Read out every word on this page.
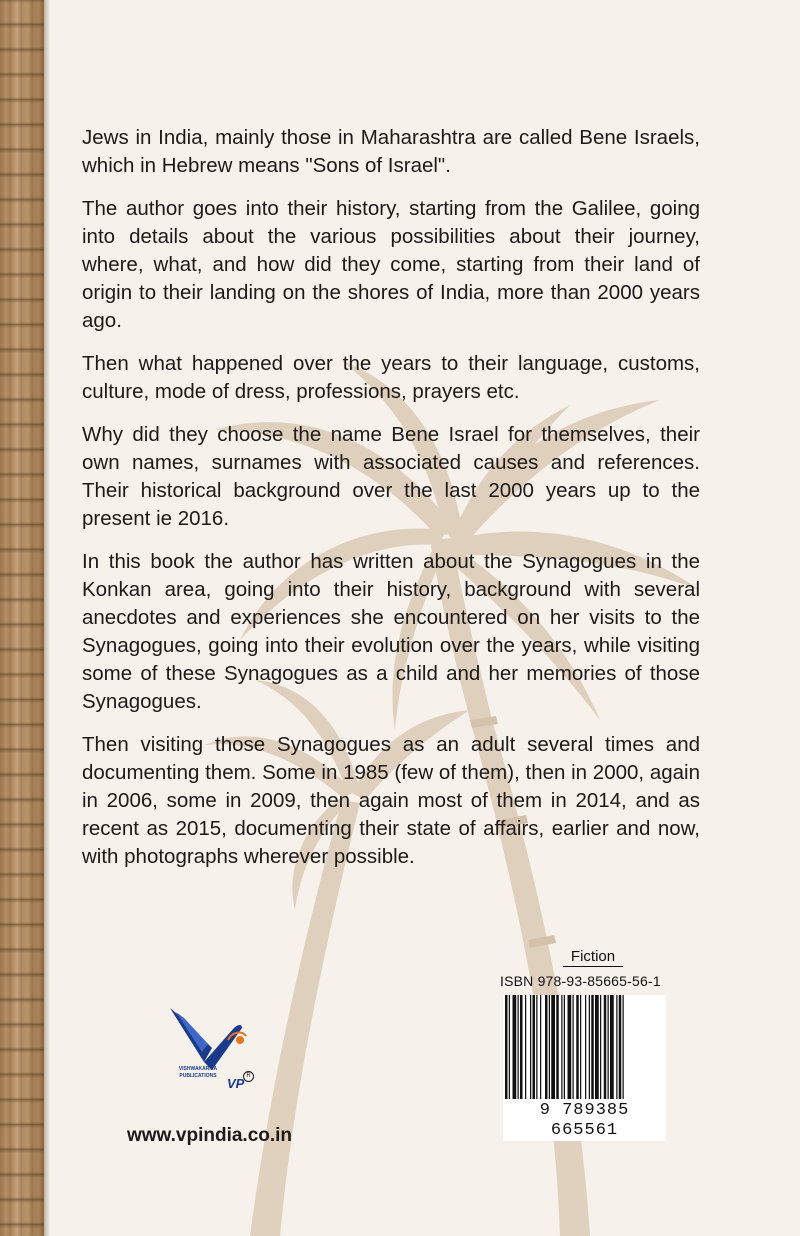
Jews in India, mainly those in Maharashtra are called Bene Israels, which in Hebrew means "Sons of Israel".

The author goes into their history, starting from the Galilee, going into details about the various possibilities about their journey, where, what, and how did they come, starting from their land of origin to their landing on the shores of India, more than 2000 years ago.

Then what happened over the years to their language, customs, culture, mode of dress, professions, prayers etc.

Why did they choose the name Bene Israel for themselves, their own names, surnames with associated causes and references. Their historical background over the last 2000 years up to the present ie 2016.

In this book the author has written about the Synagogues in the Konkan area, going into their history, background with several anecdotes and experiences she encountered on her visits to the Synagogues, going into their evolution over the years, while visiting some of these Synagogues as a child and her memories of those Synagogues.

Then visiting those Synagogues as an adult several times and documenting them. Some in 1985 (few of them), then in 2000, again in 2006, some in 2009, then again most of them in 2014, and as recent as 2015, documenting their state of affairs, earlier and now, with photographs wherever possible.

Fiction
ISBN 978-93-85665-56-1
9 789385 665561
VISHWAKARMA PUBLICATIONS VP R
www.vpindia.co.in
